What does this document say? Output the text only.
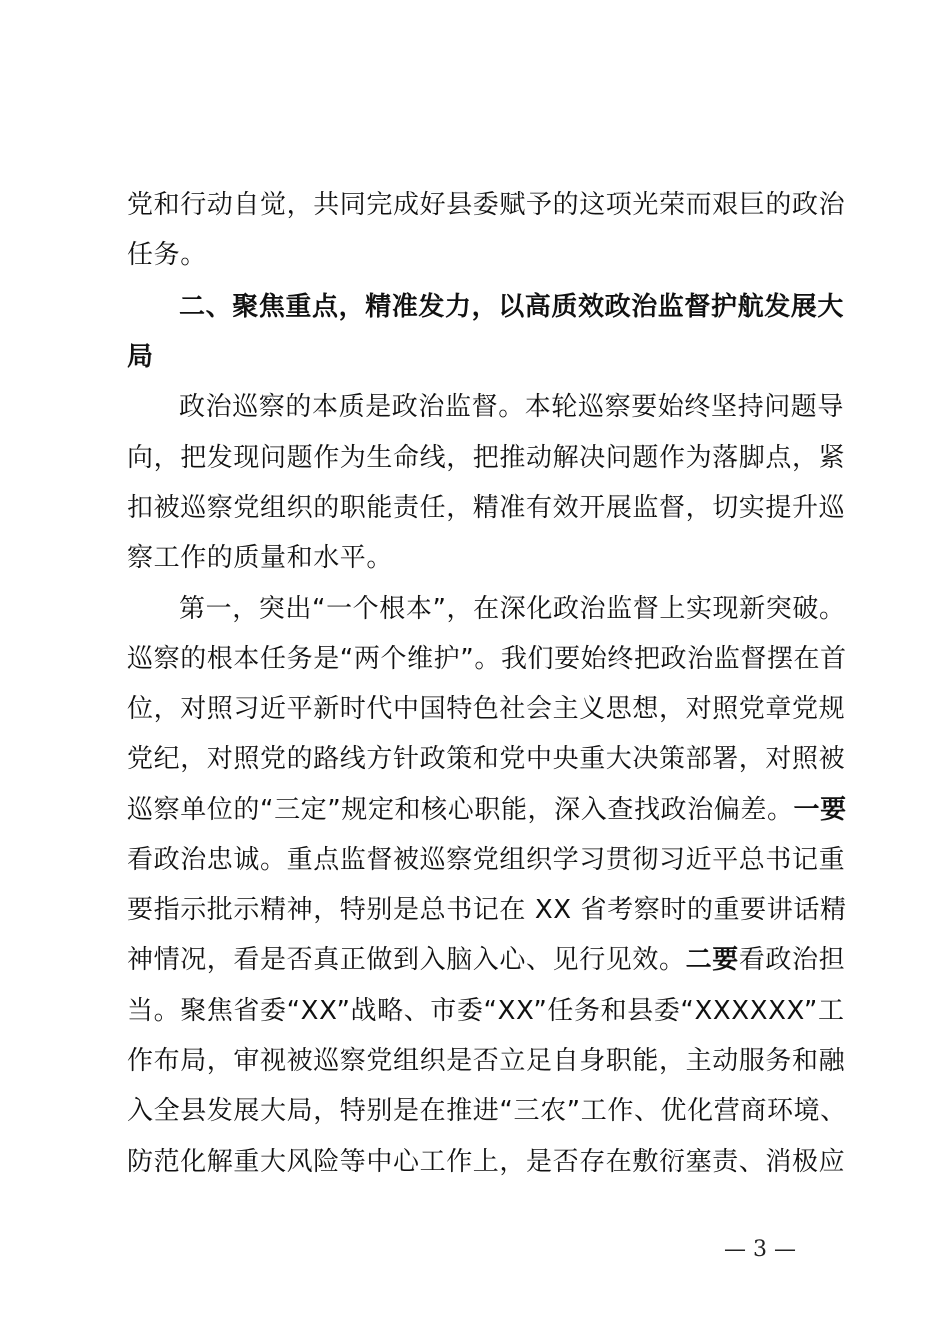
党和行动自觉，共同完成好县委赋予的这项光荣而艰巨的政治
任务。
二、聚焦重点，精准发力，以高质效政治监督护航发展大
局
政治巡察的本质是政治监督。本轮巡察要始终坚持问题导
向，把发现问题作为生命线，把推动解决问题作为落脚点，紧
扣被巡察党组织的职能责任，精准有效开展监督，切实提升巡
察工作的质量和水平。
第一，突出“一个根本”，在深化政治监督上实现新突破。
巡察的根本任务是“两个维护”。我们要始终把政治监督摆在首
位，对照习近平新时代中国特色社会主义思想，对照党章党规
党纪，对照党的路线方针政策和党中央重大决策部署，对照被
巡察单位的“三定”规定和核心职能，深入查找政治偏差。一要
看政治忠诚。重点监督被巡察党组织学习贯彻习近平总书记重
要指示批示精神，特别是总书记在 XX 省考察时的重要讲话精
神情况，看是否真正做到入脑入心、见行见效。二要看政治担
当。聚焦省委“XX”战略、市委“XX”任务和县委“XXXXXX”工
作布局，审视被巡察党组织是否立足自身职能，主动服务和融
入全县发展大局，特别是在推进“三农”工作、优化营商环境、
防范化解重大风险等中心工作上，是否存在敷衍塞责、消极应
— 3 —
